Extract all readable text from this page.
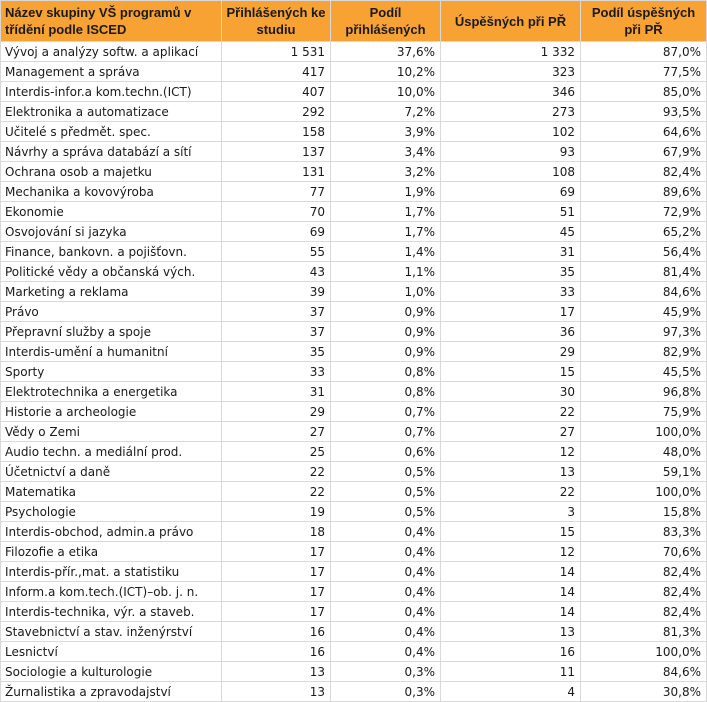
Název skupiny VŠ programů v třídění podle ISCED	Přihlášených ke studiu	Podíl přihlášených	Úspěšných při PŘ	Podíl úspěšných při PŘ
Vývoj a analýzy softw. a aplikací	1 531	37,6%	1 332	87,0%
Management a správa	417	10,2%	323	77,5%
Interdis-infor.a kom.techn.(ICT)	407	10,0%	346	85,0%
Elektronika a automatizace	292	7,2%	273	93,5%
Učitelé s předmět. spec.	158	3,9%	102	64,6%
Návrhy a správa databází a sítí	137	3,4%	93	67,9%
Ochrana osob a majetku	131	3,2%	108	82,4%
Mechanika a kovovýroba	77	1,9%	69	89,6%
Ekonomie	70	1,7%	51	72,9%
Osvojování si jazyka	69	1,7%	45	65,2%
Finance, bankovn. a pojišťovn.	55	1,4%	31	56,4%
Politické vědy a občanská vých.	43	1,1%	35	81,4%
Marketing a reklama	39	1,0%	33	84,6%
Právo	37	0,9%	17	45,9%
Přepravní služby a spoje	37	0,9%	36	97,3%
Interdis-umění a humanitní	35	0,9%	29	82,9%
Sporty	33	0,8%	15	45,5%
Elektrotechnika a energetika	31	0,8%	30	96,8%
Historie a archeologie	29	0,7%	22	75,9%
Vědy o Zemi	27	0,7%	27	100,0%
Audio techn. a mediální prod.	25	0,6%	12	48,0%
Účetnictví a daně	22	0,5%	13	59,1%
Matematika	22	0,5%	22	100,0%
Psychologie	19	0,5%	3	15,8%
Interdis-obchod, admin.a právo	18	0,4%	15	83,3%
Filozofie a etika	17	0,4%	12	70,6%
Interdis-přír.,mat. a statistiku	17	0,4%	14	82,4%
Inform.a kom.tech.(ICT)–ob. j. n.	17	0,4%	14	82,4%
Interdis-technika, výr. a staveb.	17	0,4%	14	82,4%
Stavebnictví a stav. inženýrství	16	0,4%	13	81,3%
Lesnictví	16	0,4%	16	100,0%
Sociologie a kulturologie	13	0,3%	11	84,6%
Žurnalistika a zpravodajství	13	0,3%	4	30,8%
